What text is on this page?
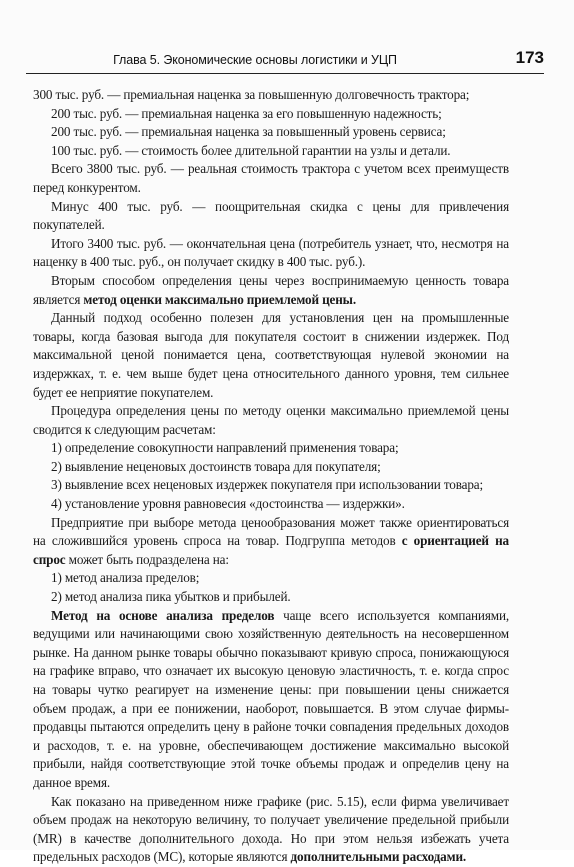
Глава 5. Экономические основы логистики и УЦП	173

300 тыс. руб. — премиальная наценка за повышенную долговечность трактора;

200 тыс. руб. — премиальная наценка за его повышенную надежность;

200 тыс. руб. — премиальная наценка за повышенный уровень сервиса;

100 тыс. руб. — стоимость более длительной гарантии на узлы и детали.

Всего 3800 тыс. руб. — реальная стоимость трактора с учетом всех преимуществ перед конкурентом.

Минус 400 тыс. руб. — поощрительная скидка с цены для привлечения покупателей.

Итого 3400 тыс. руб. — окончательная цена (потребитель узнает, что, несмотря на наценку в 400 тыс. руб., он получает скидку в 400 тыс. руб.).

Вторым способом определения цены через воспринимаемую ценность товара является метод оценки максимально приемлемой цены.

Данный подход особенно полезен для установления цен на промышленные товары, когда базовая выгода для покупателя состоит в снижении издержек. Под максимальной ценой понимается цена, соответствующая нулевой экономии на издержках, т. е. чем выше будет цена относительного данного уровня, тем сильнее будет ее неприятие покупателем.

Процедура определения цены по методу оценки максимально приемлемой цены сводится к следующим расчетам:

1) определение совокупности направлений применения товара;

2) выявление неценовых достоинств товара для покупателя;

3) выявление всех неценовых издержек покупателя при использовании товара;

4) установление уровня равновесия «достоинства — издержки».

Предприятие при выборе метода ценообразования может также ориентироваться на сложившийся уровень спроса на товар. Подгруппа методов с ориентацией на спрос может быть подразделена на:

1) метод анализа пределов;

2) метод анализа пика убытков и прибылей.

Метод на основе анализа пределов чаще всего используется компаниями, ведущими или начинающими свою хозяйственную деятельность на несовершенном рынке. На данном рынке товары обычно показывают кривую спроса, понижающуюся на графике вправо, что означает их высокую ценовую эластичность, т. е. когда спрос на товары чутко реагирует на изменение цены: при повышении цены снижается объем продаж, а при ее понижении, наоборот, повышается. В этом случае фирмы-продавцы пытаются определить цену в районе точки совпадения предельных доходов и расходов, т. е. на уровне, обеспечивающем достижение максимально высокой прибыли, найдя соответствующие этой точке объемы продаж и определив цену на данное время.

Как показано на приведенном ниже графике (рис. 5.15), если фирма увеличивает объем продаж на некоторую величину, то получает увеличение предельной прибыли (MR) в качестве дополнительного дохода. Но при этом нельзя избежать учета предельных расходов (МС), которые являются дополнительными расходами.
